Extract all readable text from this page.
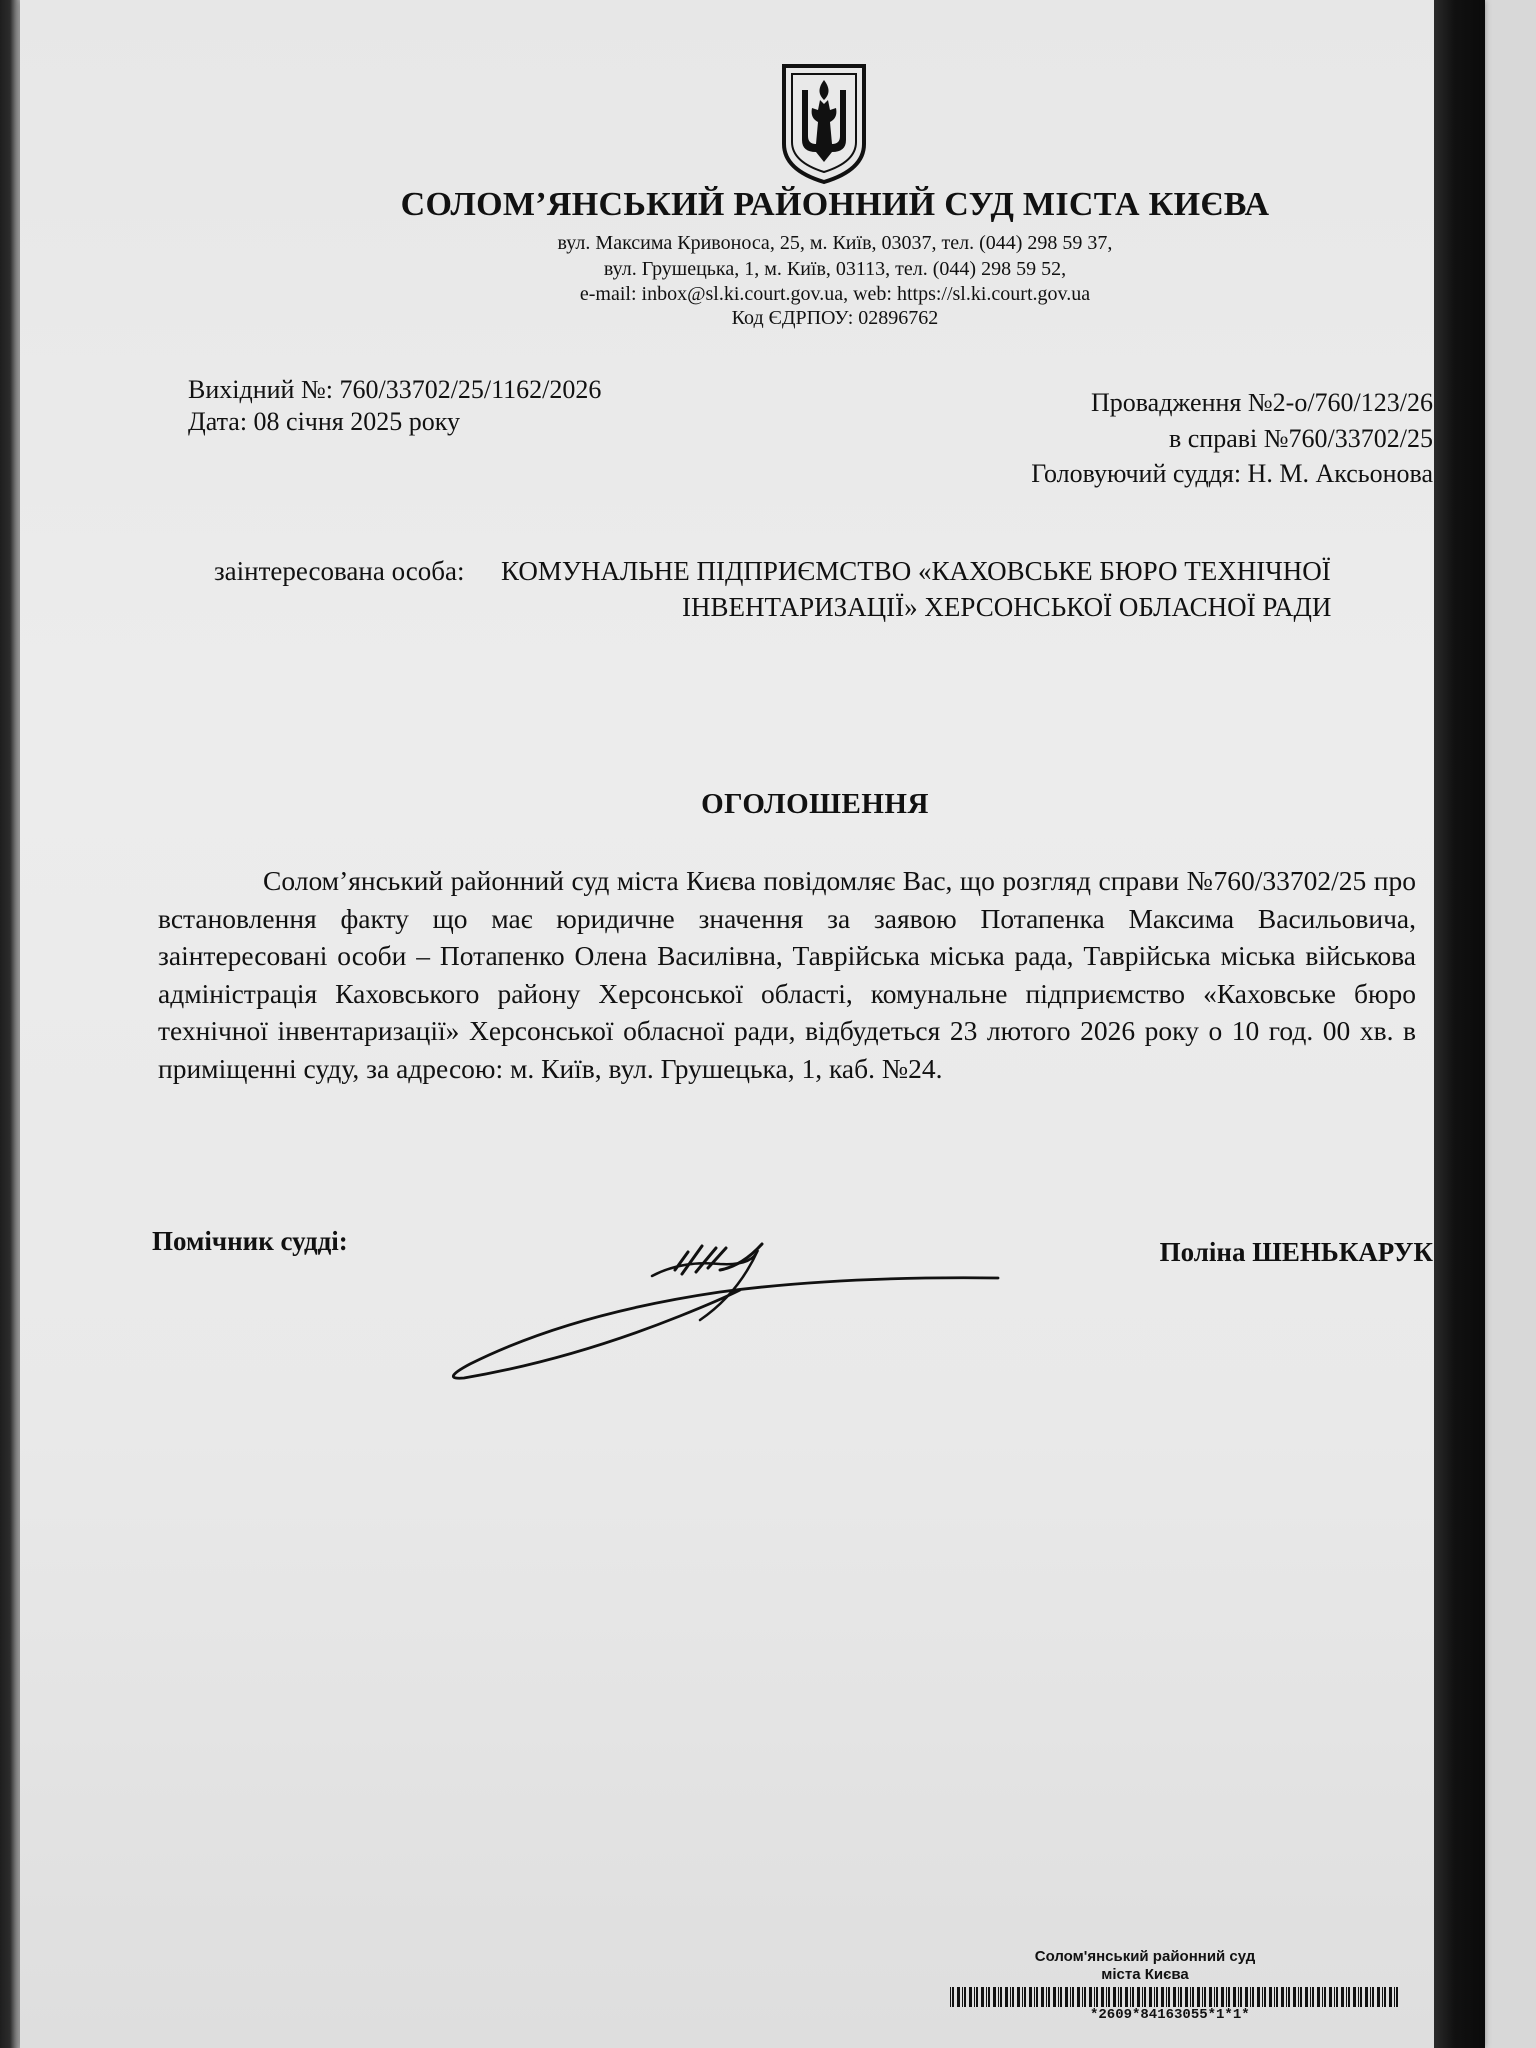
СОЛОМ’ЯНСЬКИЙ РАЙОННИЙ СУД МІСТА КИЄВА
вул. Максима Кривоноса, 25, м. Київ, 03037, тел. (044) 298 59 37,
вул. Грушецька, 1, м. Київ, 03113, тел. (044) 298 59 52,
e-mail: inbox@sl.ki.court.gov.ua, web: https://sl.ki.court.gov.ua
Код ЄДРПОУ: 02896762
Вихідний №: 760/33702/25/1162/2026
Дата: 08 січня 2025 року
Провадження №2-о/760/123/26
в справі №760/33702/25
Головуючий суддя: Н. М. Аксьонова
заінтересована особа: КОМУНАЛЬНЕ ПІДПРИЄМСТВО «КАХОВСЬКЕ БЮРО ТЕХНІЧНОЇ
ІНВЕНТАРИЗАЦІЇ» ХЕРСОНСЬКОЇ ОБЛАСНОЇ РАДИ
ОГОЛОШЕННЯ
Солом’янський районний суд міста Києва повідомляє Вас, що розгляд справи №760/33702/25 про встановлення факту що має юридичне значення за заявою Потапенка Максима Васильовича, заінтересовані особи – Потапенко Олена Василівна, Таврійська міська рада, Таврійська міська військова адміністрація Каховського району Херсонської області, комунальне підприємство «Каховське бюро технічної інвентаризації» Херсонської обласної ради, відбудеться 23 лютого 2026 року о 10 год. 00 хв. в приміщенні суду, за адресою: м. Київ, вул. Грушецька, 1, каб. №24.
Помічник судді:	Поліна ШЕНЬКАРУК
Солом'янський районний суд
міста Києва
*2609*84163055*1*1*
